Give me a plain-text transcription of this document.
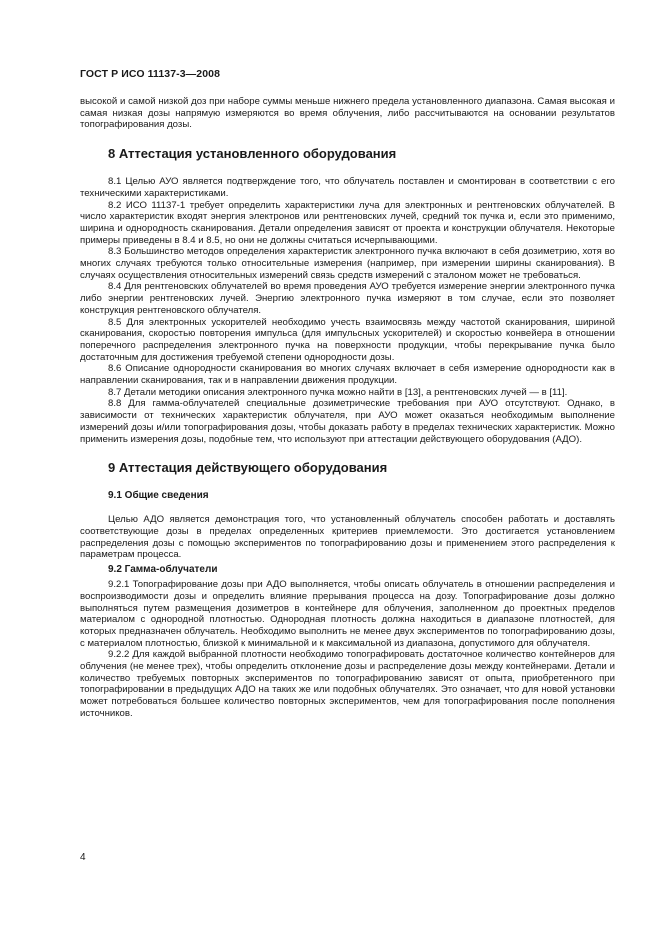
ГОСТ Р ИСО 11137-3—2008

высокой и самой низкой доз при наборе суммы меньше нижнего предела установленного диапазона. Самая высокая и самая низкая дозы напрямую измеряются во время облучения, либо рассчитываются на основании результатов топографирования дозы.

8 Аттестация установленного оборудования

8.1 Целью АУО является подтверждение того, что облучатель поставлен и смонтирован в соответствии с его техническими характеристиками.

8.2 ИСО 11137-1 требует определить характеристики луча для электронных и рентгеновских облучателей. В число характеристик входят энергия электронов или рентгеновских лучей, средний ток пучка и, если это применимо, ширина и однородность сканирования. Детали определения зависят от проекта и конструкции облучателя. Некоторые примеры приведены в 8.4 и 8.5, но они не должны считаться исчерпывающими.

8.3 Большинство методов определения характеристик электронного пучка включают в себя дозиметрию, хотя во многих случаях требуются только относительные измерения (например, при измерении ширины сканирования). В случаях осуществления относительных измерений связь средств измерений с эталоном может не требоваться.

8.4 Для рентгеновских облучателей во время проведения АУО требуется измерение энергии электронного пучка либо энергии рентгеновских лучей. Энергию электронного пучка измеряют в том случае, если это позволяет конструкция рентгеновского облучателя.

8.5 Для электронных ускорителей необходимо учесть взаимосвязь между частотой сканирования, шириной сканирования, скоростью повторения импульса (для импульсных ускорителей) и скоростью конвейера в отношении поперечного распределения электронного пучка на поверхности продукции, чтобы перекрывание пучка было достаточным для достижения требуемой степени однородности дозы.

8.6 Описание однородности сканирования во многих случаях включает в себя измерение однородности как в направлении сканирования, так и в направлении движения продукции.

8.7 Детали методики описания электронного пучка можно найти в [13], а рентгеновских лучей — в [11].

8.8 Для гамма-облучателей специальные дозиметрические требования при АУО отсутствуют. Однако, в зависимости от технических характеристик облучателя, при АУО может оказаться необходимым выполнение измерений дозы и/или топографирования дозы, чтобы доказать работу в пределах технических характеристик. Можно применить измерения дозы, подобные тем, что используют при аттестации действующего оборудования (АДО).

9 Аттестация действующего оборудования
9.1 Общие сведения

Целью АДО является демонстрация того, что установленный облучатель способен работать и доставлять соответствующие дозы в пределах определенных критериев приемлемости. Это достигается установлением распределения дозы с помощью экспериментов по топографированию дозы и применением этого распределения к параметрам процесса.

9.2 Гамма-облучатели

9.2.1 Топографирование дозы при АДО выполняется, чтобы описать облучатель в отношении распределения и воспроизводимости дозы и определить влияние прерывания процесса на дозу. Топографирование дозы должно выполняться путем размещения дозиметров в контейнере для облучения, заполненном до проектных пределов материалом с однородной плотностью. Однородная плотность должна находиться в диапазоне плотностей, для которых предназначен облучатель. Необходимо выполнить не менее двух экспериментов по топографированию дозы, с материалом плотностью, близкой к минимальной и к максимальной из диапазона, допустимого для облучателя.

9.2.2 Для каждой выбранной плотности необходимо топографировать достаточное количество контейнеров для облучения (не менее трех), чтобы определить отклонение дозы и распределение дозы между контейнерами. Детали и количество требуемых повторных экспериментов по топографированию зависят от опыта, приобретенного при топографировании в предыдущих АДО на таких же или подобных облучателях. Это означает, что для новой установки может потребоваться большее количество повторных экспериментов, чем для топографирования после пополнения источников.

4
